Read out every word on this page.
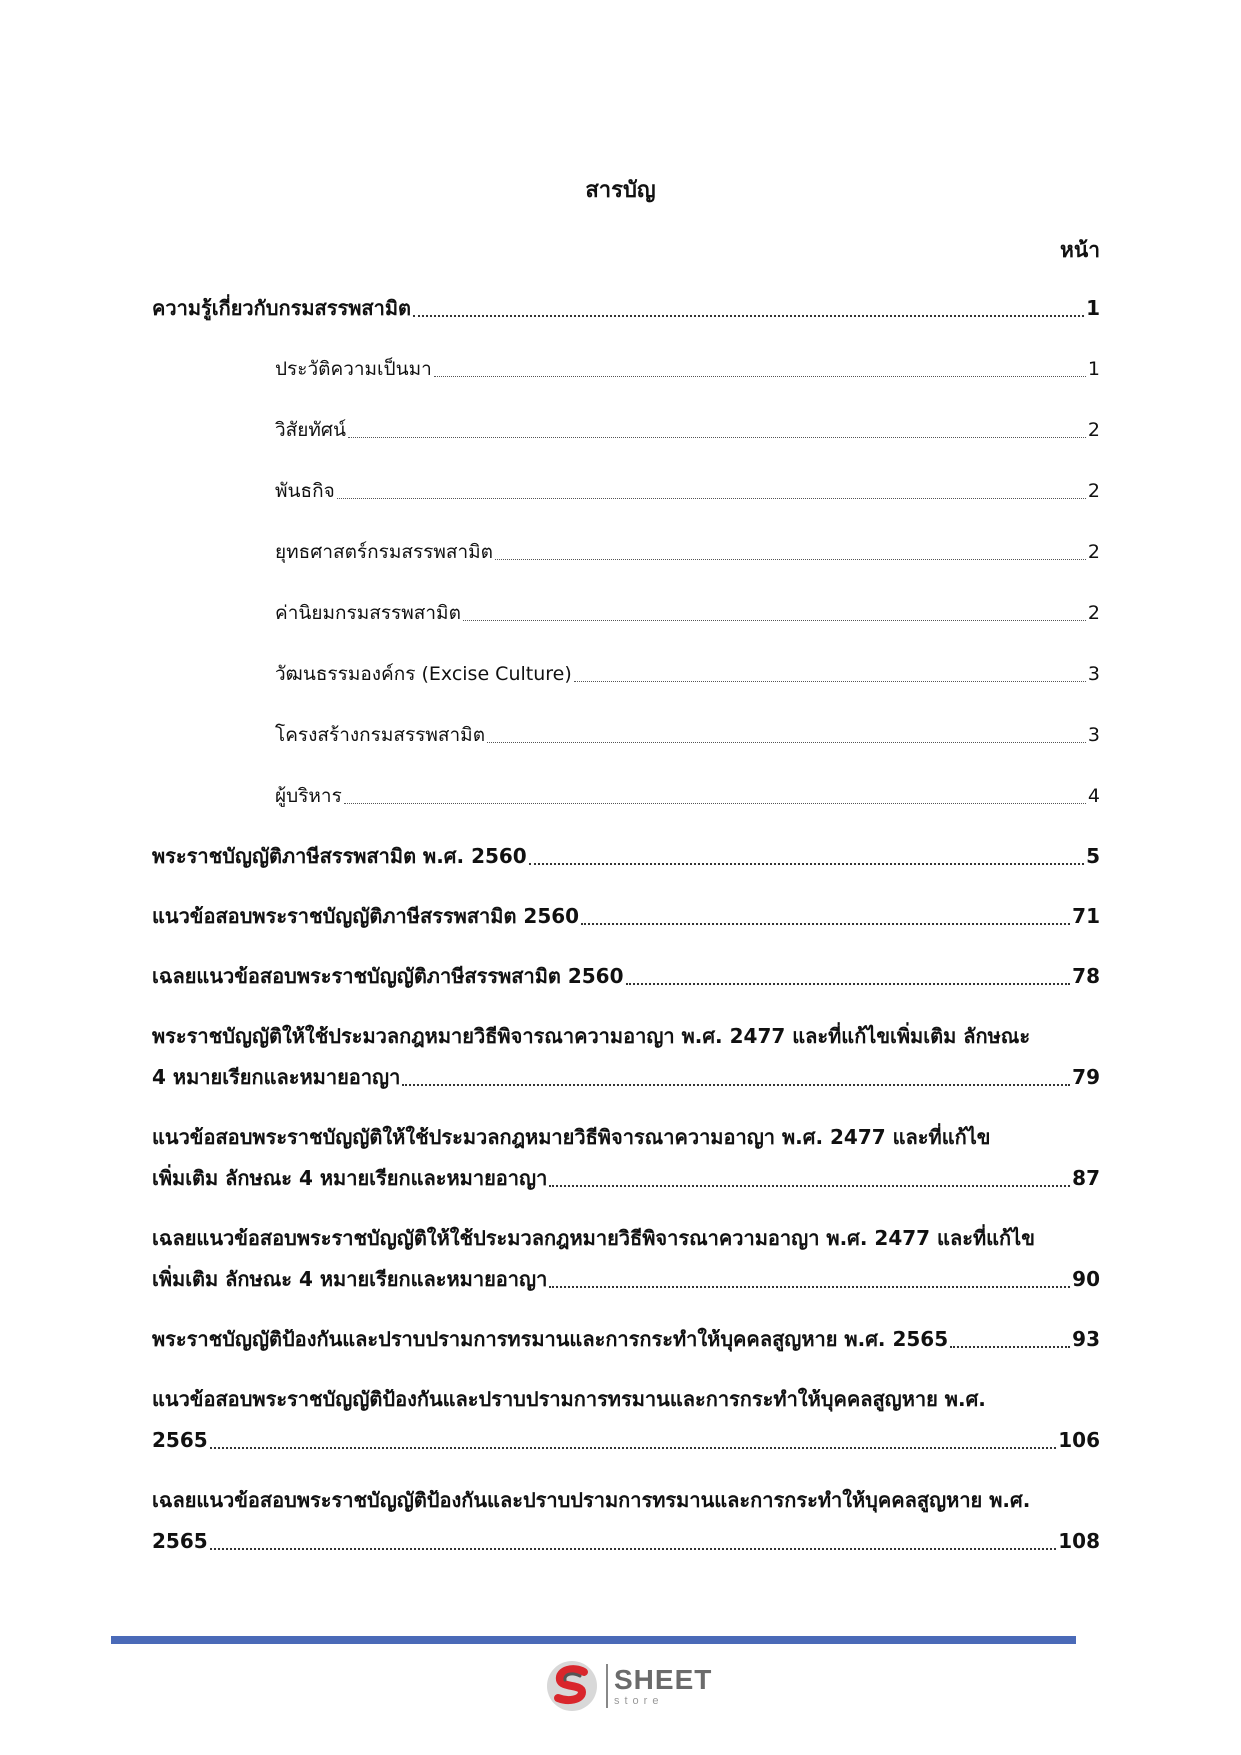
สารบัญ
หน้า
ความรู้เกี่ยวกับกรมสรรพสามิต	1
ประวัติความเป็นมา	1
วิสัยทัศน์	2
พันธกิจ	2
ยุทธศาสตร์กรมสรรพสามิต	2
ค่านิยมกรมสรรพสามิต	2
วัฒนธรรมองค์กร (Excise Culture)	3
โครงสร้างกรมสรรพสามิต	3
ผู้บริหาร	4
พระราชบัญญัติภาษีสรรพสามิต พ.ศ. 2560	5
แนวข้อสอบพระราชบัญญัติภาษีสรรพสามิต 2560	71
เฉลยแนวข้อสอบพระราชบัญญัติภาษีสรรพสามิต 2560	78
พระราชบัญญัติให้ใช้ประมวลกฎหมายวิธีพิจารณาความอาญา พ.ศ. 2477 และที่แก้ไขเพิ่มเติม ลักษณะ
4 หมายเรียกและหมายอาญา	79
แนวข้อสอบพระราชบัญญัติให้ใช้ประมวลกฎหมายวิธีพิจารณาความอาญา พ.ศ. 2477 และที่แก้ไข
เพิ่มเติม ลักษณะ 4 หมายเรียกและหมายอาญา	87
เฉลยแนวข้อสอบพระราชบัญญัติให้ใช้ประมวลกฎหมายวิธีพิจารณาความอาญา พ.ศ. 2477 และที่แก้ไข
เพิ่มเติม ลักษณะ 4 หมายเรียกและหมายอาญา	90
พระราชบัญญัติป้องกันและปราบปรามการทรมานและการกระทำให้บุคคลสูญหาย พ.ศ. 2565	93
แนวข้อสอบพระราชบัญญัติป้องกันและปราบปรามการทรมานและการกระทำให้บุคคลสูญหาย พ.ศ.
2565	106
เฉลยแนวข้อสอบพระราชบัญญัติป้องกันและปราบปรามการทรมานและการกระทำให้บุคคลสูญหาย พ.ศ.
2565	108
SHEET
store
